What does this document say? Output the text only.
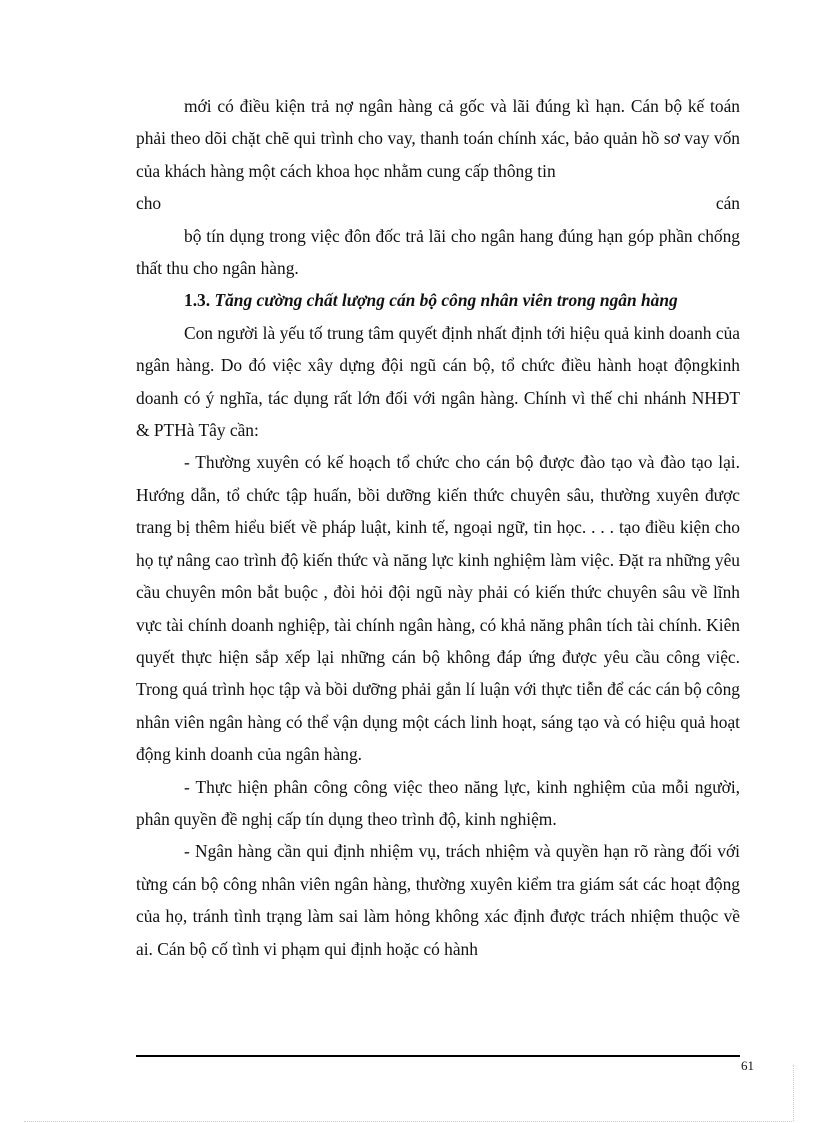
mới có điều kiện trả nợ ngân hàng cả gốc và lãi đúng kì hạn. Cán bộ kế toán phải theo dõi chặt chẽ qui trình cho vay, thanh toán chính xác, bảo quản hồ sơ vay vốn của khách hàng một cách khoa học nhằm cung cấp thông tin

cho cán

bộ tín dụng trong việc đôn đốc trả lãi cho ngân hang đúng hạn góp phần chống thất thu cho ngân hàng.

1.3. Tăng cường chất lượng cán bộ công nhân viên trong ngân hàng

Con người là yếu tố trung tâm quyết định nhất định tới hiệu quả kinh doanh của ngân hàng. Do đó việc xây dựng đội ngũ cán bộ, tổ chức điều hành hoạt độngkinh doanh có ý nghĩa, tác dụng rất lớn đối với ngân hàng. Chính vì thế chi nhánh NHĐT & PTHà Tây cần:

- Thường xuyên có kế hoạch tổ chức cho cán bộ được đào tạo và đào tạo lại. Hướng dẫn, tổ chức tập huấn, bồi dưỡng kiến thức chuyên sâu, thường xuyên được trang bị thêm hiểu biết về pháp luật, kinh tế, ngoại ngữ, tin học. . . . tạo điều kiện cho họ tự nâng cao trình độ kiến thức và năng lực kinh nghiệm làm việc. Đặt ra những yêu cầu chuyên môn bắt buộc , đòi hỏi đội ngũ này phải có kiến thức chuyên sâu về lĩnh vực tài chính doanh nghiệp, tài chính ngân hàng, có khả năng phân tích tài chính. Kiên quyết thực hiện sắp xếp lại những cán bộ không đáp ứng được yêu cầu công việc. Trong quá trình học tập và bồi dưỡng phải gắn lí luận với thực tiễn để các cán bộ công nhân viên ngân hàng có thể vận dụng một cách linh hoạt, sáng tạo và có hiệu quả hoạt động kinh doanh của ngân hàng.

- Thực hiện phân công công việc theo năng lực, kinh nghiệm của mỗi người, phân quyền đề nghị cấp tín dụng theo trình độ, kinh nghiệm.

- Ngân hàng cần qui định nhiệm vụ, trách nhiệm và quyền hạn rõ ràng đối với từng cán bộ công nhân viên ngân hàng, thường xuyên kiểm tra giám sát các hoạt động của họ, tránh tình trạng làm sai làm hỏng không xác định được trách nhiệm thuộc về ai. Cán bộ cố tình vi phạm qui định hoặc có hành

61
